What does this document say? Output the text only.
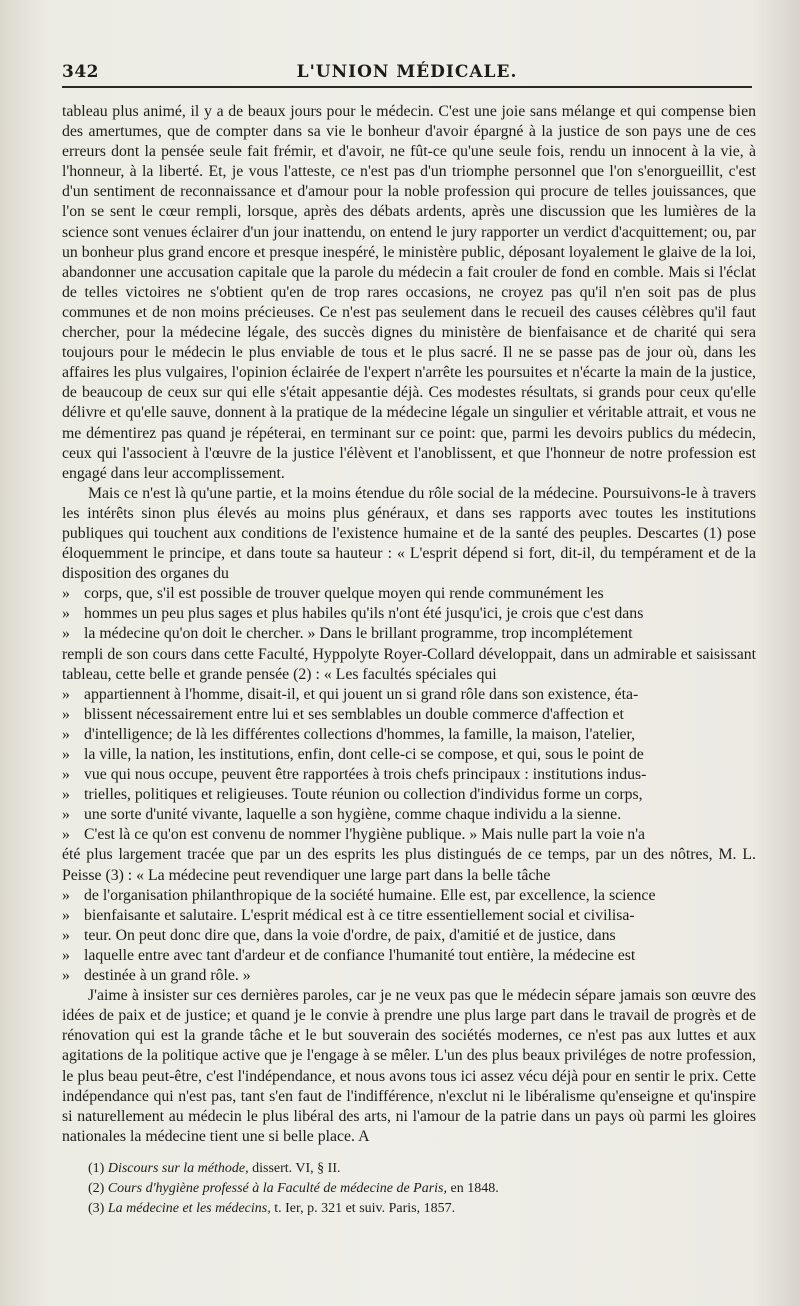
342	L'UNION MÉDICALE.

tableau plus animé, il y a de beaux jours pour le médecin. C'est une joie sans mélange et qui compense bien des amertumes, que de compter dans sa vie le bonheur d'avoir épargné à la justice de son pays une de ces erreurs dont la pensée seule fait frémir, et d'avoir, ne fût-ce qu'une seule fois, rendu un innocent à la vie, à l'honneur, à la liberté. Et, je vous l'atteste, ce n'est pas d'un triomphe personnel que l'on s'enorgueillit, c'est d'un sentiment de reconnaissance et d'amour pour la noble profession qui procure de telles jouissances, que l'on se sent le cœur rempli, lorsque, après des débats ardents, après une discussion que les lumières de la science sont venues éclairer d'un jour inattendu, on entend le jury rapporter un verdict d'acquittement; ou, par un bonheur plus grand encore et presque inespéré, le ministère public, déposant loyalement le glaive de la loi, abandonner une accusation capitale que la parole du médecin a fait crouler de fond en comble. Mais si l'éclat de telles victoires ne s'obtient qu'en de trop rares occasions, ne croyez pas qu'il n'en soit pas de plus communes et de non moins précieuses. Ce n'est pas seulement dans le recueil des causes célèbres qu'il faut chercher, pour la médecine légale, des succès dignes du ministère de bienfaisance et de charité qui sera toujours pour le médecin le plus enviable de tous et le plus sacré. Il ne se passe pas de jour où, dans les affaires les plus vulgaires, l'opinion éclairée de l'expert n'arrête les poursuites et n'écarte la main de la justice, de beaucoup de ceux sur qui elle s'était appesantie déjà. Ces modestes résultats, si grands pour ceux qu'elle délivre et qu'elle sauve, donnent à la pratique de la médecine légale un singulier et véritable attrait, et vous ne me démentirez pas quand je répéterai, en terminant sur ce point: que, parmi les devoirs publics du médecin, ceux qui l'associent à l'œuvre de la justice l'élèvent et l'anoblissent, et que l'honneur de notre profession est engagé dans leur accomplissement.

Mais ce n'est là qu'une partie, et la moins étendue du rôle social de la médecine. Poursuivons-le à travers les intérêts sinon plus élevés au moins plus généraux, et dans ses rapports avec toutes les institutions publiques qui touchent aux conditions de l'existence humaine et de la santé des peuples. Descartes (1) pose éloquemment le principe, et dans toute sa hauteur : « L'esprit dépend si fort, dit-il, du tempérament et de la disposition des organes du

» corps, que, s'il est possible de trouver quelque moyen qui rende communément les

» hommes un peu plus sages et plus habiles qu'ils n'ont été jusqu'ici, je crois que c'est dans

» la médecine qu'on doit le chercher. » Dans le brillant programme, trop incomplétement

rempli de son cours dans cette Faculté, Hyppolyte Royer-Collard développait, dans un admirable et saisissant tableau, cette belle et grande pensée (2) : « Les facultés spéciales qui

» appartiennent à l'homme, disait-il, et qui jouent un si grand rôle dans son existence, éta-

» blissent nécessairement entre lui et ses semblables un double commerce d'affection et

» d'intelligence; de là les différentes collections d'hommes, la famille, la maison, l'atelier,

» la ville, la nation, les institutions, enfin, dont celle-ci se compose, et qui, sous le point de

» vue qui nous occupe, peuvent être rapportées à trois chefs principaux : institutions indus-

» trielles, politiques et religieuses. Toute réunion ou collection d'individus forme un corps,

» une sorte d'unité vivante, laquelle a son hygiène, comme chaque individu a la sienne.

» C'est là ce qu'on est convenu de nommer l'hygiène publique. » Mais nulle part la voie n'a

été plus largement tracée que par un des esprits les plus distingués de ce temps, par un des nôtres, M. L. Peisse (3) : « La médecine peut revendiquer une large part dans la belle tâche

» de l'organisation philanthropique de la société humaine. Elle est, par excellence, la science

» bienfaisante et salutaire. L'esprit médical est à ce titre essentiellement social et civilisa-

» teur. On peut donc dire que, dans la voie d'ordre, de paix, d'amitié et de justice, dans

» laquelle entre avec tant d'ardeur et de confiance l'humanité tout entière, la médecine est

» destinée à un grand rôle. »

J'aime à insister sur ces dernières paroles, car je ne veux pas que le médecin sépare jamais son œuvre des idées de paix et de justice; et quand je le convie à prendre une plus large part dans le travail de progrès et de rénovation qui est la grande tâche et le but souverain des sociétés modernes, ce n'est pas aux luttes et aux agitations de la politique active que je l'engage à se mêler. L'un des plus beaux priviléges de notre profession, le plus beau peut-être, c'est l'indépendance, et nous avons tous ici assez vécu déjà pour en sentir le prix. Cette indépendance qui n'est pas, tant s'en faut de l'indifférence, n'exclut ni le libéralisme qu'enseigne et qu'inspire si naturellement au médecin le plus libéral des arts, ni l'amour de la patrie dans un pays où parmi les gloires nationales la médecine tient une si belle place. A

(1) Discours sur la méthode, dissert. VI, § II.
(2) Cours d'hygiène professé à la Faculté de médecine de Paris, en 1848.
(3) La médecine et les médecins, t. Ier, p. 321 et suiv. Paris, 1857.
